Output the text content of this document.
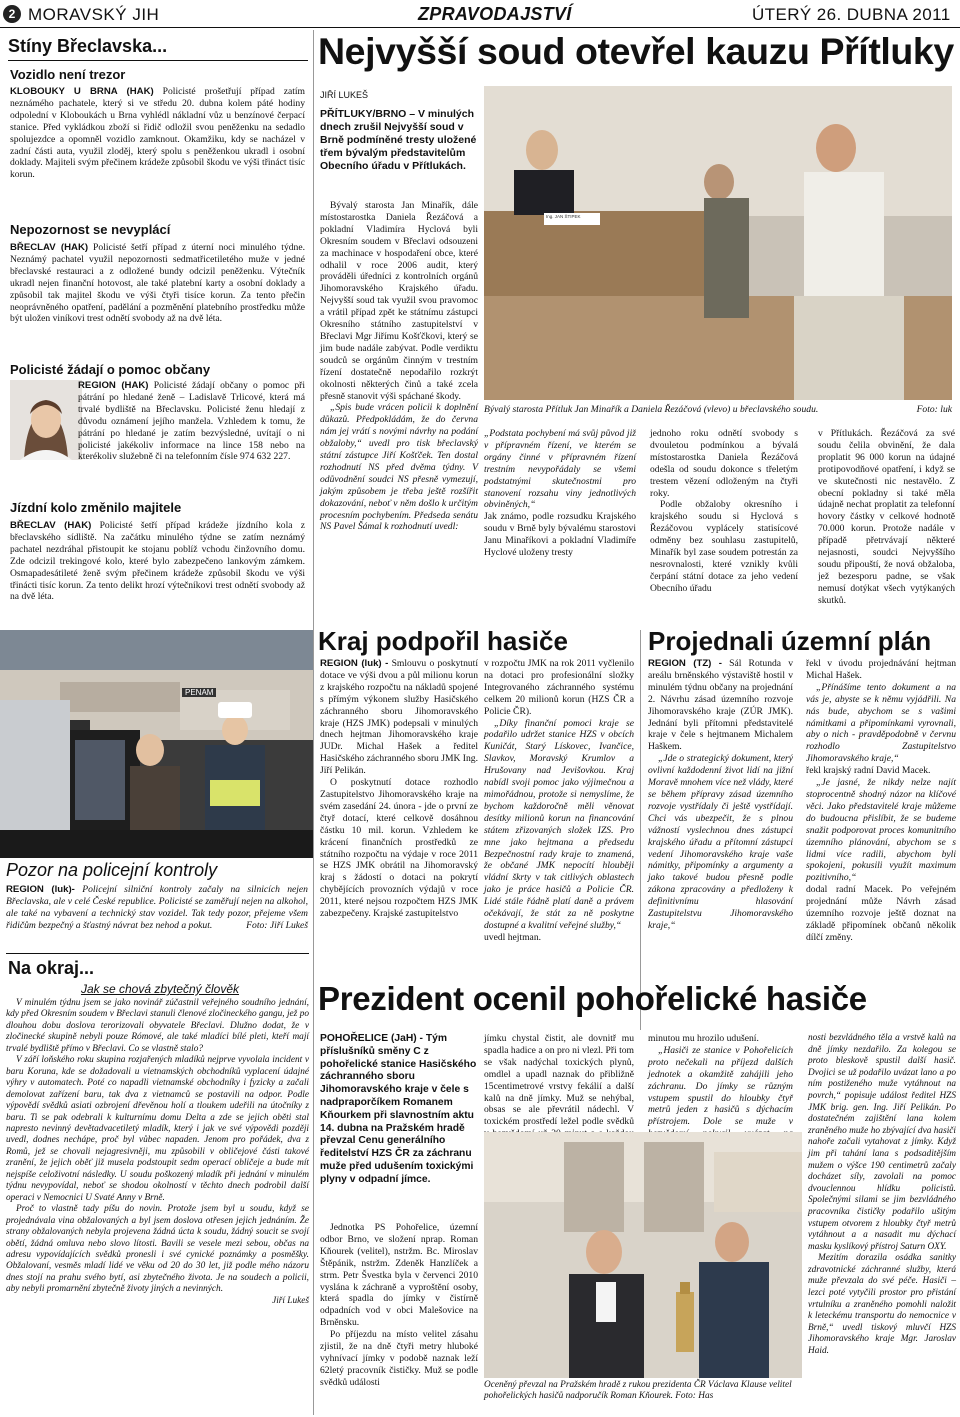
2 MORAVSKÝ JIH	ZPRAVODAJSTVÍ	ÚTERÝ 26. DUBNA 2011
Stíny Břeclavska...
Vozidlo není trezor
KLOBOUKY U BRNA (HAK) Policisté prošetřují případ zatím neznámého pachatele, který si ve středu 20. dubna kolem páté hodiny odpolední v Kloboukách u Brna vyhlédl nákladní vůz u benzínové čerpací stanice. Před vykládkou zboží si řidič odložil svou peněženku na sedadlo spolujezdce a opomněl vozidlo zamknout. Okamžiku, kdy se nacházel v zadní části auta, využil zloděj, který spolu s peněženkou ukradl i osobní doklady. Majiteli svým přečinem krádeže způsobil škodu ve výši třináct tisíc korun.
Nepozornost se nevyplácí
BŘECLAV (HAK) Policisté šetří případ z úterní noci minulého týdne. Neznámý pachatel využil nepozornosti sedmatřicetiletého muže v jedné břeclavské restauraci a z odložené bundy odcizil peněženku. Výtečník ukradl nejen finanční hotovost, ale také platební karty a osobní doklady a způsobil tak majitel škodu ve výši čtyři tisíce korun. Za tento přečin neoprávněného opatření, padělání a pozměnění platebního prostředku může být uložen viníkovi trest odnětí svobody až na dvě léta.
Policisté žádají o pomoc občany
REGION (HAK) Policisté žádají občany o pomoc při pátrání po hledané ženě – Ladislavě Trlicové, která má trvalé bydliště na Břeclavsku. Policisté ženu hledají z důvodu oznámení jejího manžela. Vzhledem k tomu, že pátrání po hledané je zatím bezvýsledné, uvítají o ni policisté jakékoliv informace na lince 158 nebo na kterékoliv služebně či na telefonním čísle 974 632 227.
Jízdní kolo změnilo majitele
BŘECLAV (HAK) Policisté šetří případ krádeže jízdního kola z břeclavského sídliště. Na začátku minulého týdne se zatím neznámý pachatel nezdráhal přistoupit ke stojanu poblíž vchodu činžovního domu. Zde odcizil trekingové kolo, které bylo zabezpečeno lankovým zámkem. Osmapadesátileté ženě svým přečinem krádeže způsobil škodu ve výši třinácti tisíc korun. Za tento delikt hrozí výtečníkovi trest odnětí svobody až na dvě léta.
PENAM
Pozor na policejní kontroly
REGION (luk)- Policejní silniční kontroly začaly na silnicích nejen Břeclavska, ale v celé České republice. Policisté se zaměřují nejen na alkohol, ale také na vybavení a technický stav vozidel. Tak tedy pozor, přejeme všem řidičům bezpečný a šťastný návrat bez nehod a pokut.	Foto: Jiří Lukeš
Na okraj...
Jak se chová zbytečný člověk

V minulém týdnu jsem se jako novinář zúčastnil veřejného soudního jednání, kdy před Okresním soudem v Břeclavi stanuli členové zločineckého gangu, jež po dlouhou dobu doslova terorizovali obyvatele Břeclavi. Dlužno dodat, že v zločinecké skupině nebyli pouze Rómové, ale také mladíci bílé pleti, kteří mají trvalé bydliště přímo v Břeclavi. Co se vlastně stalo?

V září loňského roku skupina rozjařených mladíků nejprve vyvolala incident v baru Koruna, kde se dožadovali u vietnamských obchodníků vyplacení údajné výhry v automatech. Poté co napadli vietnamské obchodníky i fyzicky a začali demolovat zařízení baru, tak dva z vietnamců se postavili na odpor. Podle výpovědí svědků asiati ozbrojení dřevěnou holí a tloukem udeřili na útočníky z baru. Ti se pak odebrali k kulturnímu domu Delta a zde se jejich oběti stal napresto nevinný devětadvacetiletý mladík, který i jak ve své výpovědi později uvedl, dodnes nechápe, proč byl vůbec napaden. Jenom pro pořádek, dva z Romů, jež se chovali nejagresivněji, mu způsobili v obličejové části takové zranění, že jejich oběť již musela podstoupit sedm operací obličeje a bude mít nejspíše celoživotní následky. U soudu poškozený mladík při jednání v minulém týdnu nevypovídal, neboť se shodou okolností v těchto dnech podrobil další operaci v Nemocnici U Svaté Anny v Brně.

Proč to vlastně tady píšu do novin. Protože jsem byl u soudu, když se projednávala vina obžalovaných a byl jsem doslova otřesen jejich jednáním. Že strany obžalovaných nebyla projevena žádná úcta k soudu, žádný soucit se svojí obětí, žádná omluva nebo slovo lítosti. Bavili se vesele mezi sebou, občas na adresu vypovídajících svědků pronesli i své cynické poznámky a posměšky. Obžalovaní, vesměs mladí lidé ve věku od 20 do 30 let, již podle mého názoru dnes stojí na prahu svého bytí, asi zbytečného života. Je na soudech a policii, aby nebyli promarnění zbytečně životy jiných a nevinných.

Jiří Lukeš

Nejvyšší soud otevřel kauzu Přítluky
JIŘÍ LUKEŠ
PŘÍTLUKY/BRNO – V minulých dnech zrušil Nejvyšší soud v Brně podmíněné tresty uložené třem bývalým představitelům Obecního úřadu v Přítlukách.

Bývalý starosta Jan Minařík, dále místostarostka Daniela Řezáčová a pokladní Vladimíra Hyclová byli Okresním soudem v Břeclavi odsouzeni za machinace v hospodaření obce, které odhalil v roce 2006 audit, který prováděli úředníci z kontrolních orgánů Jihomoravského Krajského úřadu. Nejvyšší soud tak využil svou pravomoc a vrátil případ zpět ke státnímu zástupci Okresního státního zastupitelství v Břeclavi Mgr Jiřímu Košťčkovi, který se jim bude nadále zabývat. Podle verdiktu soudců se orgánům činným v trestním řízení dostatečně nepodařilo rozkrýt okolnosti některých činů a také zcela přesně stanovit výši spáchané škody.

„Spis bude vrácen policii k doplnění důkazů. Předpokládám, že do června nám jej vrátí s novými návrhy na podání obžaloby,“ uvedl pro tisk břeclavský státní zástupce Jiří Košťček. Ten dostal rozhodnutí NS před dvěma týdny. V odůvodnění soudci NS přesně vymezují, jakým způsobem je třeba ještě rozšířit dokazování, neboť v něm došlo k určitým procesním pochybením. Předseda senátu NS Pavel Šámal k rozhodnutí uvedl:

Ing. JAN ŠTIPEK
Bývalý starosta Přítluk Jan Minařík a Daniela Řezáčová (vlevo) u břeclavského soudu.	Foto: luk

„Podstata pochybení má svůj původ již v přípravném řízení, ve kterém se orgány činné v přípravném řízení trestním nevypořádaly se všemi podstatnými skutečnostmi pro stanovení rozsahu viny jednotlivých obviněných,“

Jak známo, podle rozsudku Krajského soudu v Brně byly bývalému starostovi Janu Minaříkovi a pokladní Vladimíře Hyclové uloženy tresty

jednoho roku odnětí svobody s dvouletou podmínkou a bývalá místostarostka Daniela Řezáčová odešla od soudu dokonce s třeletým trestem vězení odloženým na čtyři roky.

Podle obžaloby okresního i krajského soudu si Hyclová s Řezáčovou vyplácely statisícové odměny bez souhlasu zastupitelů, Minařík byl zase soudem potrestán za nesrovnalosti, které vznikly kvůli čerpání státní dotace za jeho vedení Obecního úřadu

v Přítlukách. Řezáčová za své soudu čelila obvinění, že dala proplatit 96 000 korun na údajné protipovodňové opatření, i když se ve skutečnosti nic nestavělo. Z obecní pokladny si také měla údajně nechat proplatit za telefonní hovory částky v celkové hodnotě 70.000 korun. Protože nadále v případě přetrvávají některé nejasnosti, soudci Nejvyššího soudu připouští, že nová obžaloba, jež bezesporu padne, se však nemusí dotýkat všech vytýkaných skutků.

Kraj podpořil hasiče
REGION (luk) - Smlouvu o poskytnutí dotace ve výši dvou a půl milionu korun z krajského rozpočtu na nákladů spojené s přímým výkonem služby Hasičského záchranného sboru Jihomoravského kraje (HZS JMK) podepsali v minulých dnech hejtman Jihomoravského kraje JUDr. Michal Hašek a ředitel Hasičského záchranného sboru JMK Ing. Jiří Pelikán.

O poskytnutí dotace rozhodlo Zastupitelstvo Jihomoravského kraje na svém zasedání 24. února - jde o první ze čtyř dotací, které celkově dosáhnou částku 10 mil. korun. Vzhledem ke krácení finančních prostředků ze státního rozpočtu na výdaje v roce 2011 se HZS JMK obrátil na Jihomoravský kraj s žádostí o dotaci na pokrytí chybějících provozních výdajů v roce 2011, které nejsou rozpočtem HZS JMK zabezpečeny. Krajské zastupitelstvo

v rozpočtu JMK na rok 2011 vyčlenilo na dotaci pro profesionální složky Integrovaného záchranného systému celkem 20 milionů korun (HZS ČR a Policie ČR).

„Díky finanční pomoci kraje se podařilo udržet stanice HZS v obcích Kuničát, Starý Lískovec, Ivančice, Slavkov, Moravský Krumlov a Hrušovany nad Jevišovkou. Kraj nabídl svoji pomoc jako výjimečnou a mimořádnou, protože si nemyslíme, že bychom každoročně měli věnovat desítky milionů korun na financování státem zřizovaných složek IZS. Pro mne jako hejtmana a předsedu Bezpečnostní rady kraje to znamená, že občané JMK nepocítí hlouběji vládní škrty v tak citlivých oblastech jako je práce hasičů a Policie ČR. Lidé stále řádně platí daně a právem očekávají, že stát za ně poskytne dostupné a kvalitní veřejné služby,“

uvedl hejtman.

Projednali územní plán
REGION (TZ) - Sál Rotunda v areálu brněnského výstaviště hostil v minulém týdnu občany na projednání 2. Návrhu zásad územního rozvoje Jihomoravského kraje (ZÚR JMK). Jednání byli přítomni představitelé kraje v čele s hejtmanem Michalem Haškem.

„Jde o strategický dokument, který ovlivní každodenní život lidí na jižní Moravě mnohem více než vlády, které se během přípravy zásad územního rozvoje vystřídaly či ještě vystřídají. Chci vás ubezpečit, že s plnou vážností vyslechnou dnes zástupci krajského úřadu a přítomní zástupci vedení Jihomoravského kraje vaše námitky, připomínky a argumenty a jako takové budou přesně podle zákona zpracovány a předloženy k definitivnímu hlasování Zastupitelstvu Jihomoravského kraje,“

řekl v úvodu projednávání hejtman Michal Hašek.

„Přínášíme tento dokument a na vás je, abyste se k němu vyjádřili. Na nás bude, abychom se s vašimi námitkami a připomínkami vyrovnali, aby o nich - pravděpodobně v červnu rozhodlo Zastupitelstvo Jihomoravského kraje,“

řekl krajský radní David Macek.

„Je jasné, že nikdy nelze najít stoprocentně shodný názor na klíčové věci. Jako představitelé kraje můžeme do budoucna přislíbit, že se budeme snažit podporovat proces komunitního územního plánování, abychom se s lidmi více radili, abychom byli spokojeni, pokusili využít maximum pozitivního,“

dodal radní Macek. Po veřejném projednání může Návrh zásad územního rozvoje ještě doznat na základě připomínek občanů několik dílčí změny.

Prezident ocenil pohořelické hasiče
POHOŘELICE (JaH) - Tým příslušníků směny C z pohořelické stanice Hasičského záchranného sboru Jihomoravského kraje v čele s nadpraporčíkem Romanem Kňourkem při slavnostním aktu 14. dubna na Pražském hradě převzal Cenu generálního ředitelství HZS ČR za záchranu muže před udušením toxickými plyny v odpadní jímce.

Jednotka PS Pohořelice, územní odbor Brno, ve složení nprap. Roman Kňourek (velitel), nstržm. Bc. Miroslav Štěpánik, nstržm. Zdeněk Hanzlíček a strm. Petr Švestka byla v červenci 2010 vyslána k záchraně a vyproštění osoby, která spadla do jímky v čistírně odpadních vod v obci Malešovice na Brněnsku.

Po příjezdu na místo velitel zásahu zjistil, že na dně čtyři metry hluboké vyhnívací jímky v podobě naznak leží 62letý pracovník čističky. Muž se podle svědků události

jímku chystal čistit, ale dovnitř mu spadla hadice a on pro ni vlezl. Při tom se však nadýchal toxických plynů, omdlel a upadl naznak do přibližně 15centimetrové vrstvy fekálií a další kalů na dně jímky. Muž se nehýbal, obsas se ale převrátil nádechl. V toxickém prostředí ležel podle svědků

minutou mu hrozilo udušení.

„Hasiči ze stanice v Pohořelicích proto nečekali na příjezd dalších jednotek a okamžitě zahájili jeho záchranu. Do jímky se různým vstupem spustil do hloubky čtyř metrů jeden z hasičů s dýchacím přístrojem. Dole se muže v

nosti bezvládného těla a vrstvě kalů na dně jímky nezdařilo. Za kolegou se proto bleskově spustil další hasič. Dvojici se už podařilo uvázat lano a po ním postiženého muže vytáhnout na povrch,“ popisuje událost ředitel HZS JMK brig. gen. Ing. Jiří Pelikán. Po dostatečném zajištění lana kolem zraněného muže ho zbývající dva hasiči nahoře začali vytahovat z jímky. Když jim při tahání lana s podsaditějším mužem o výšce 190 centimetrů začaly docházet síly, zavolali na pomoc dvouclennou hlídku policistů. Společnými silami se jim bezvládného pracovníka čističky podařilo ušitým vstupem otvorem z hloubky čtyř metrů vytáhnout a a nasadit mu dýchací masku kyslíkový přístroj Saturn OXY.

Mezitím dorazila osádka sanitky zdravotnické záchranné služby, která muže převzala do své péče. Hasiči – lezci poté vytyčili prostor pro přistání vrtulníku a zraněného pomohli naložit k leteckému transportu do nemocnice v Brně,“ uvedl tiskový mluvčí HZS Jihomoravského kraje Mgr. Jaroslav Haid.

Oceněný převzal na Pražském hradě z rukou prezidenta ČR Václava Klause velitel pohořelických hasičů nadporučík Roman Kňourek. Foto: Has
